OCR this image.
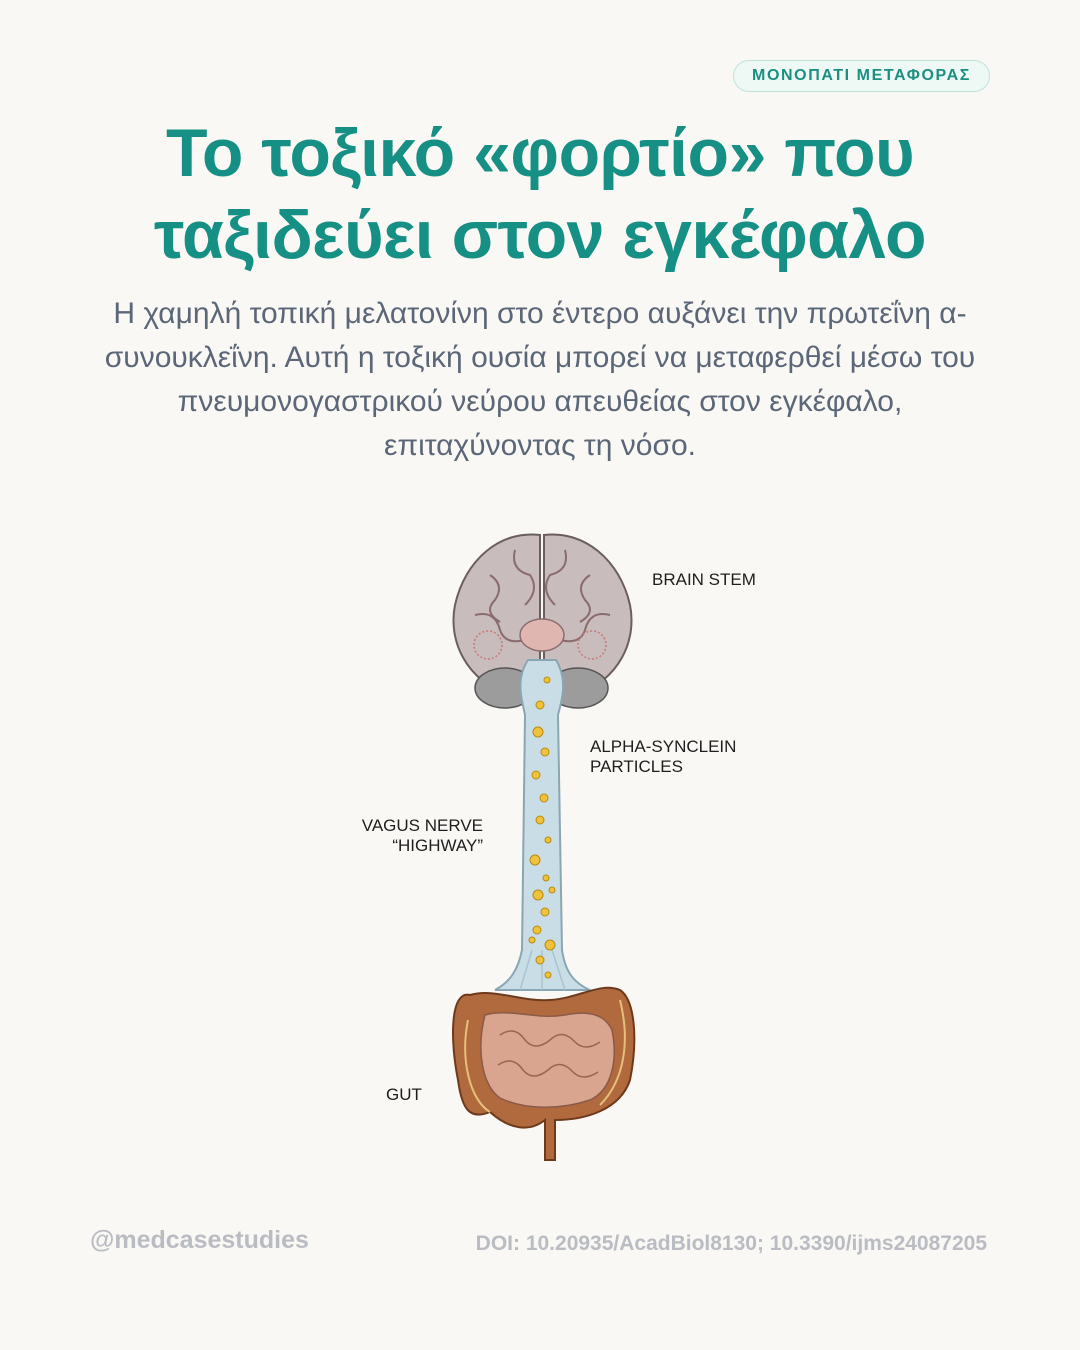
ΜΟΝΟΠΑΤΙ ΜΕΤΑΦΟΡΑΣ
Το τοξικό «φορτίο» που ταξιδεύει στον εγκέφαλο

Η χαμηλή τοπική μελατονίνη στο έντερο αυξάνει την πρωτεΐνη α-συνουκλεΐνη. Αυτή η τοξική ουσία μπορεί να μεταφερθεί μέσω του πνευμονογαστρικού νεύρου απευθείας στον εγκέφαλο, επιταχύνοντας τη νόσο.

BRAIN STEM
ALPHA-SYNCLEIN
PARTICLES
VAGUS NERVE
“HIGHWAY”
GUT
@medcasestudies	DOI: 10.20935/AcadBiol8130; 10.3390/ijms24087205
